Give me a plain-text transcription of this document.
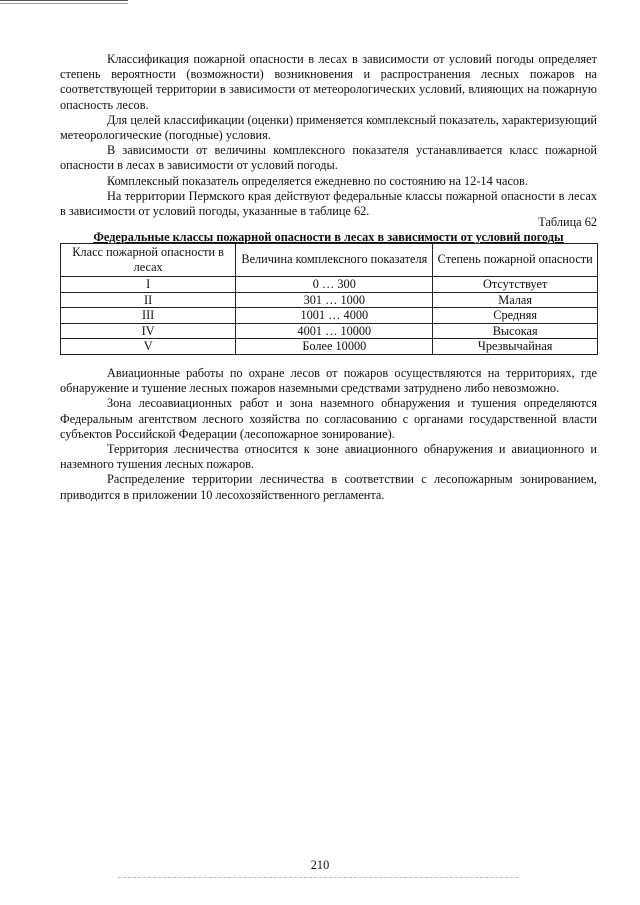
Классификация пожарной опасности в лесах в зависимости от условий погоды определяет степень вероятности (возможности) возникновения и распространения лесных пожаров на соответствующей территории в зависимости от метеорологических условий, влияющих на пожарную опасность лесов.

Для целей классификации (оценки) применяется комплексный показатель, характеризующий метеорологические (погодные) условия.

В зависимости от величины комплексного показателя устанавливается класс пожарной опасности в лесах в зависимости от условий погоды.

Комплексный показатель определяется ежедневно по состоянию на 12-14 часов.

На территории Пермского края действуют федеральные классы пожарной опасности в лесах в зависимости от условий погоды, указанные в таблице 62.

Таблица 62
Федеральные классы пожарной опасности в лесах в зависимости от условий погоды
Класс пожарной опасности в лесах	Величина комплексного показателя	Степень пожарной опасности
I	0 … 300	Отсутствует
II	301 … 1000	Малая
III	1001 … 4000	Средняя
IV	4001 … 10000	Высокая
V	Более 10000	Чрезвычайная

Авиационные работы по охране лесов от пожаров осуществляются на территориях, где обнаружение и тушение лесных пожаров наземными средствами затруднено либо невозможно.

Зона лесоавиационных работ и зона наземного обнаружения и тушения определяются Федеральным агентством лесного хозяйства по согласованию с органами государственной власти субъектов Российской Федерации (лесопожарное зонирование).

Территория лесничества относится к зоне авиационного обнаружения и авиационного и наземного тушения лесных пожаров.

Распределение территории лесничества в соответствии с лесопожарным зонированием, приводится в приложении 10 лесохозяйственного регламента.

210
